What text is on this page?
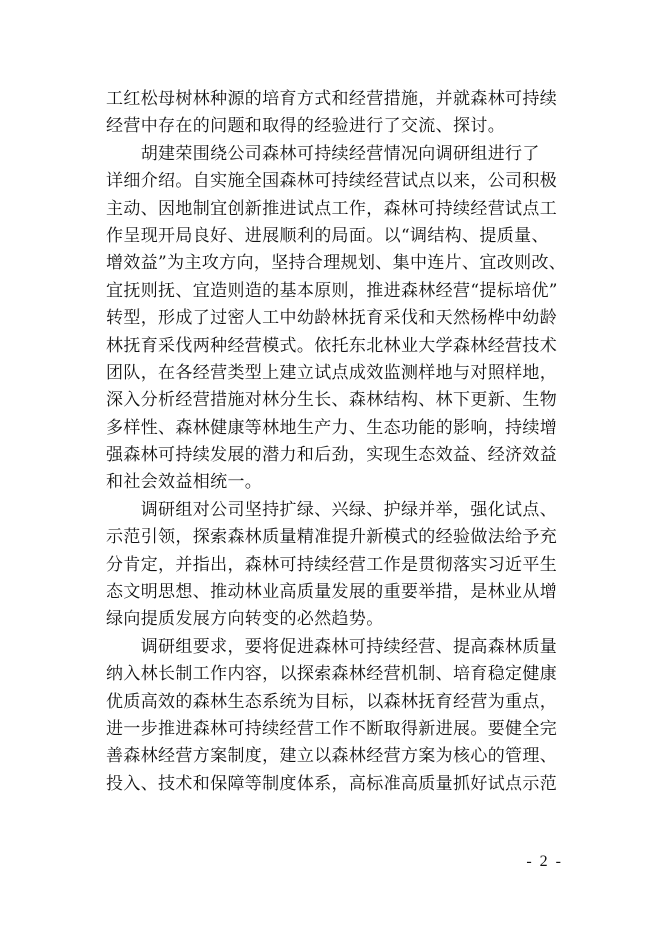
工红松母树林种源的培育方式和经营措施，并就森林可持续
经营中存在的问题和取得的经验进行了交流、探讨。
　　胡建荣围绕公司森林可持续经营情况向调研组进行了
详细介绍。自实施全国森林可持续经营试点以来，公司积极
主动、因地制宜创新推进试点工作，森林可持续经营试点工
作呈现开局良好、进展顺利的局面。以“调结构、提质量、
增效益”为主攻方向，坚持合理规划、集中连片、宜改则改、
宜抚则抚、宜造则造的基本原则，推进森林经营“提标培优”
转型，形成了过密人工中幼龄林抚育采伐和天然杨桦中幼龄
林抚育采伐两种经营模式。依托东北林业大学森林经营技术
团队，在各经营类型上建立试点成效监测样地与对照样地，
深入分析经营措施对林分生长、森林结构、林下更新、生物
多样性、森林健康等林地生产力、生态功能的影响，持续增
强森林可持续发展的潜力和后劲，实现生态效益、经济效益
和社会效益相统一。
　　调研组对公司坚持扩绿、兴绿、护绿并举，强化试点、
示范引领，探索森林质量精准提升新模式的经验做法给予充
分肯定，并指出，森林可持续经营工作是贯彻落实习近平生
态文明思想、推动林业高质量发展的重要举措，是林业从增
绿向提质发展方向转变的必然趋势。
　　调研组要求，要将促进森林可持续经营、提高森林质量
纳入林长制工作内容，以探索森林经营机制、培育稳定健康
优质高效的森林生态系统为目标，以森林抚育经营为重点，
进一步推进森林可持续经营工作不断取得新进展。要健全完
善森林经营方案制度，建立以森林经营方案为核心的管理、
投入、技术和保障等制度体系，高标准高质量抓好试点示范
- 2 -
